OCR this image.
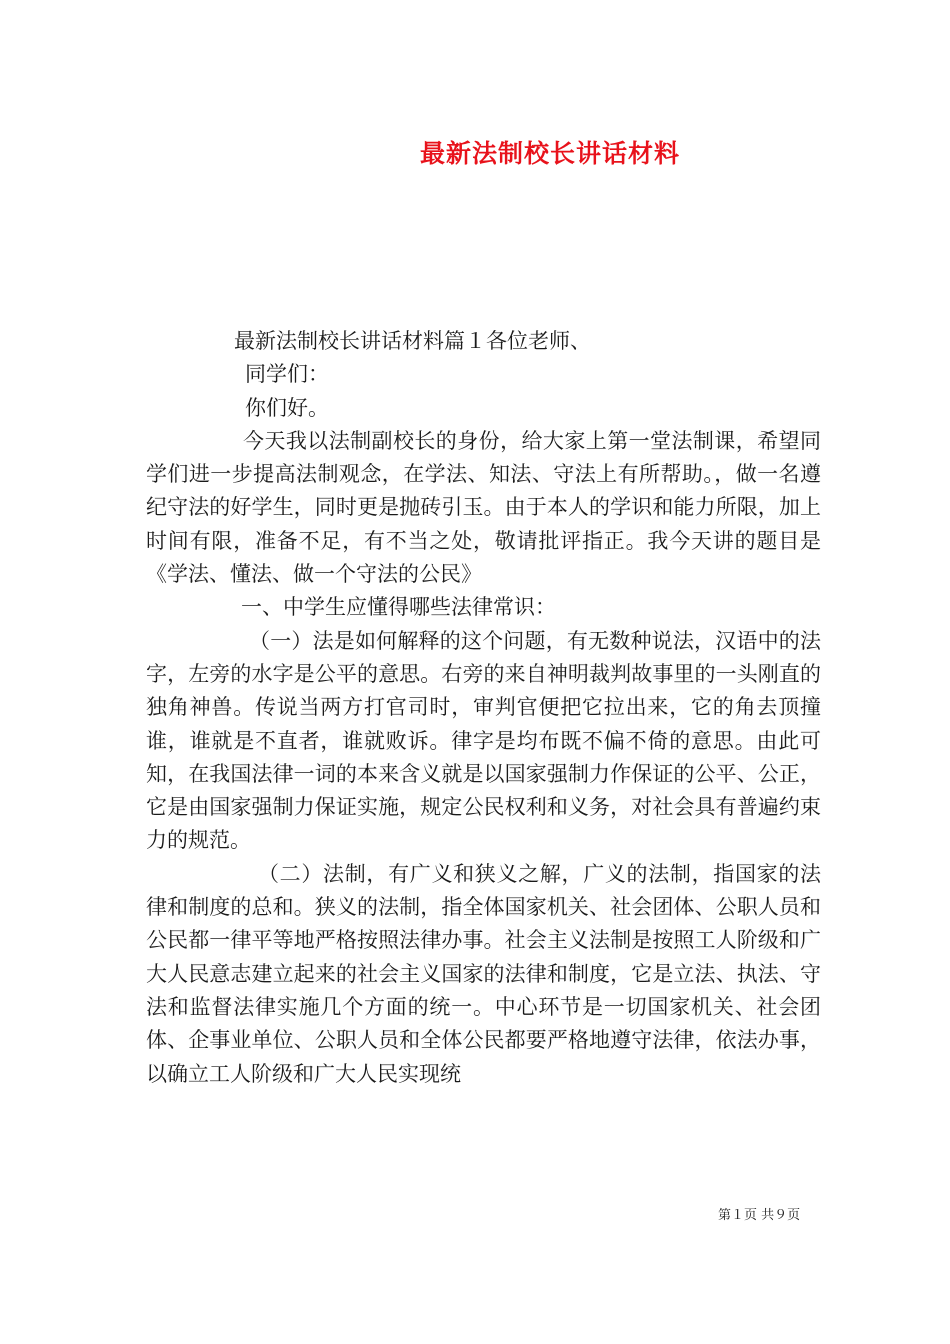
最新法制校长讲话材料

最新法制校长讲话材料篇１各位老师、

同学们：

你们好。

今天我以法制副校长的身份，给大家上第一堂法制课，希望同学们进一步提高法制观念，在学法、知法、守法上有所帮助。，做一名遵纪守法的好学生，同时更是抛砖引玉。由于本人的学识和能力所限，加上时间有限，准备不足，有不当之处，敬请批评指正。我今天讲的题目是《学法、懂法、做一个守法的公民》

一、中学生应懂得哪些法律常识：

（一）法是如何解释的这个问题，有无数种说法，汉语中的法字，左旁的水字是公平的意思。右旁的来自神明裁判故事里的一头刚直的独角神兽。传说当两方打官司时，审判官便把它拉出来，它的角去顶撞谁，谁就是不直者，谁就败诉。律字是均布既不偏不倚的意思。由此可知，在我国法律一词的本来含义就是以国家强制力作保证的公平、公正，它是由国家强制力保证实施，规定公民权利和义务，对社会具有普遍约束力的规范。

（二）法制，有广义和狭义之解，广义的法制，指国家的法律和制度的总和。狭义的法制，指全体国家机关、社会团体、公职人员和公民都一律平等地严格按照法律办事。社会主义法制是按照工人阶级和广大人民意志建立起来的社会主义国家的法律和制度，它是立法、执法、守法和监督法律实施几个方面的统一。中心环节是一切国家机关、社会团体、企事业单位、公职人员和全体公民都要严格地遵守法律，依法办事，以确立工人阶级和广大人民实现统

第１页 共９页
